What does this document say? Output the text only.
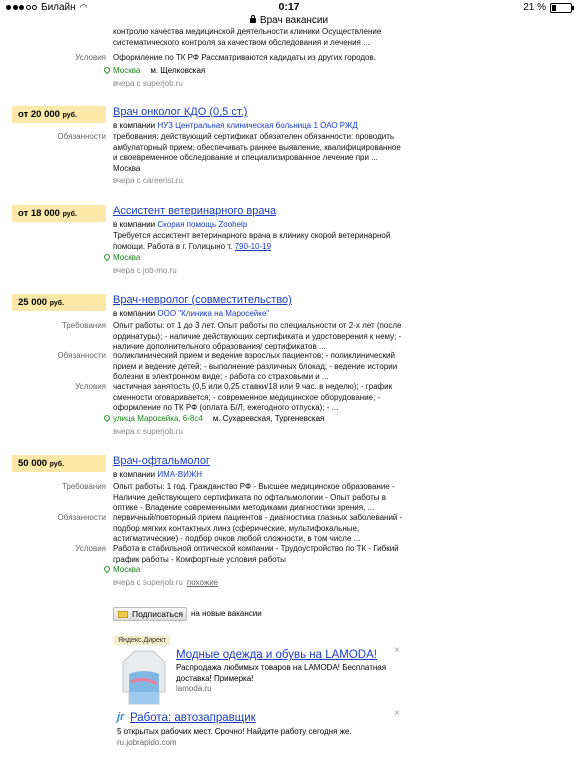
Билайн ◠	0:17	21 %
Врач вакансии
контролю качества медицинской деятельности клиники Осуществление систематического контроля за качеством обследования и лечения ...
Условия Оформление по ТК РФ Рассматриваются кадидаты из других городов.
Москва м. Щелковская
вчера с superjob.ru
от 20 000 руб.	Врач онколог КДО (0,5 ст.)
в компании НУЗ Центральная клиническая больница 1 ОАО РЖД
Обязанности требования: действующий сертификат обязателен обязанности: проводить амбулаторный прием; обеспечивать раннее выявление, квалифицированное и своевременное обследование и специализированное лечение при ...
Москва
вчера с careerist.ru
от 18 000 руб.	Ассистент ветеринарного врача
в компании Скорая помощь Zoohelp
Требуется ассистент ветеринарного врача в клинику скорой ветеринарной помощи. Работа в г. Голицыно т. 790-10-19
Москва
вчера с job-mo.ru
25 000 руб.	Врач-невролог (совместительство)
в компании ООО "Клиника на Маросейке"
Требования Опыт работы: от 1 до 3 лет. Опыт работы по специальности от 2-х лет (после ординатуры); - наличие действующих сертификата и удостоверения к нему; - наличие дополнительного образования/ сертификатов ...
Обязанности поликлинический прием и ведение взрослых пациентов; - поликлинический прием и ведение детей; - выполнение различных блокад; - ведение истории болезни в электронном виде; - работа со страховыми и ...
Условия частичная занятость (0,5 или 0,25 ставки/18 или 9 час. в неделю); - график сменности оговаривается; - современное медицинское оборудование; - оформление по ТК РФ (оплата Б/Л, ежегодного отпуска); - ...
улица Маросейка, 6-8с4 м. Сухаревская, Тургеневская
вчера с superjob.ru
50 000 руб.	Врач-офтальмолог
в компании ИМА-ВИЖН
Требования Опыт работы: 1 год. Гражданство РФ - Высшее медицинское образование - Наличие действующего сертификата по офтальмологии - Опыт работы в оптике - Владение современными методиками диагностики зрения, ...
Обязанности первичный/повторный прием пациентов - диагностика глазных заболеваний - подбор мягких контактных линз (сферические, мультифокальные, астигматические) - подбор очков любой сложности, в том числе ...
Условия Работа в стабильной оптической компании - Трудоустройство по ТК - Гибкий график работы - Комфортные условия работы
Москва
вчера с superjob.ru похожие
Подписаться на новые вакансии
Яндекс.Директ
Модные одежда и обувь на LAMODA!
Распродажа любимых товаров на LAMODA! Бесплатная доставка! Примерка!
lamoda.ru
×
jr Работа: автозаправщик
5 открытых рабочих мест. Срочно! Найдите работу сегодня же.
ru.jobrapido.com
×
